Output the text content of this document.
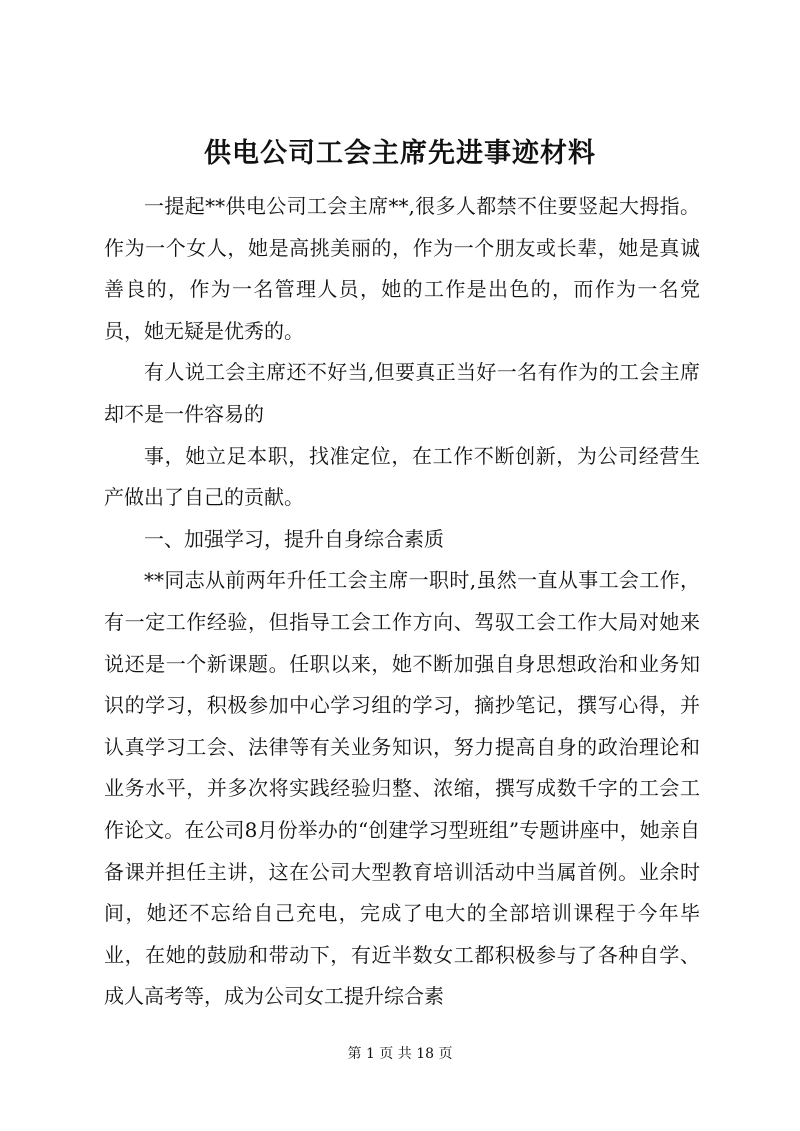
供电公司工会主席先进事迹材料

一提起**供电公司工会主席**,很多人都禁不住要竖起大拇指。作为一个女人，她是高挑美丽的，作为一个朋友或长辈，她是真诚善良的，作为一名管理人员，她的工作是出色的，而作为一名党员，她无疑是优秀的。

有人说工会主席还不好当,但要真正当好一名有作为的工会主席却不是一件容易的

事，她立足本职，找准定位，在工作不断创新，为公司经营生产做出了自己的贡献。

一、加强学习，提升自身综合素质

**同志从前两年升任工会主席一职时,虽然一直从事工会工作，有一定工作经验，但指导工会工作方向、驾驭工会工作大局对她来说还是一个新课题。任职以来，她不断加强自身思想政治和业务知识的学习，积极参加中心学习组的学习，摘抄笔记，撰写心得，并认真学习工会、法律等有关业务知识，努力提高自身的政治理论和业务水平，并多次将实践经验归整、浓缩，撰写成数千字的工会工作论文。在公司8月份举办的“创建学习型班组”专题讲座中，她亲自备课并担任主讲，这在公司大型教育培训活动中当属首例。业余时间，她还不忘给自己充电，完成了电大的全部培训课程于今年毕业，在她的鼓励和带动下，有近半数女工都积极参与了各种自学、成人高考等，成为公司女工提升综合素

第 1 页 共 18 页
